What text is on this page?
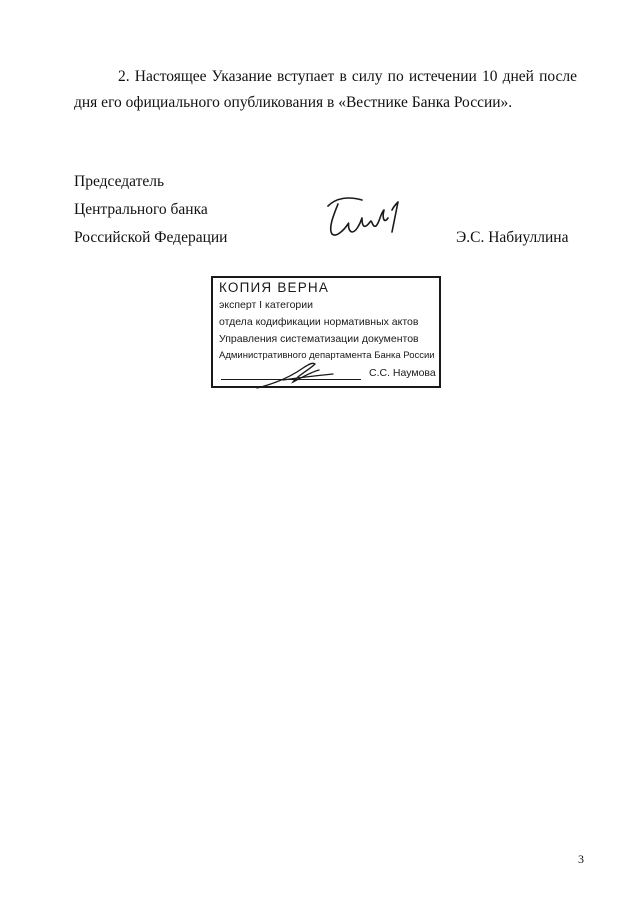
2. Настоящее Указание вступает в силу по истечении 10 дней после
дня его официального опубликования в «Вестнике Банка России».
Председатель
Центрального банка
Российской Федерации	Э.С. Набиуллина
КОПИЯ ВЕРНА
эксперт I категории
отдела кодификации нормативных актов
Управления систематизации документов
Административного департамента Банка России
С.С. Наумова
3
